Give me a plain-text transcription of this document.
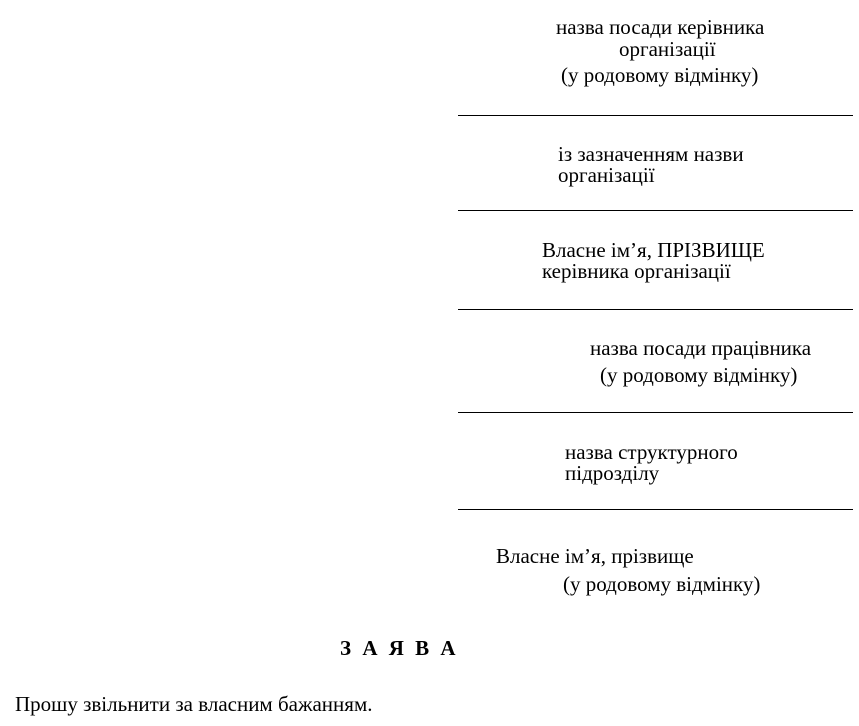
назва посади керівника
організації
(у родовому відмінку)
із зазначенням назви
організації
Власне ім’я, ПРІЗВИЩЕ
керівника організації
назва посади працівника
(у родовому відмінку)
назва структурного
підрозділу
Власне ім’я, прізвище
(у родовому відмінку)
З А Я В А
Прошу звільнити за власним бажанням.
